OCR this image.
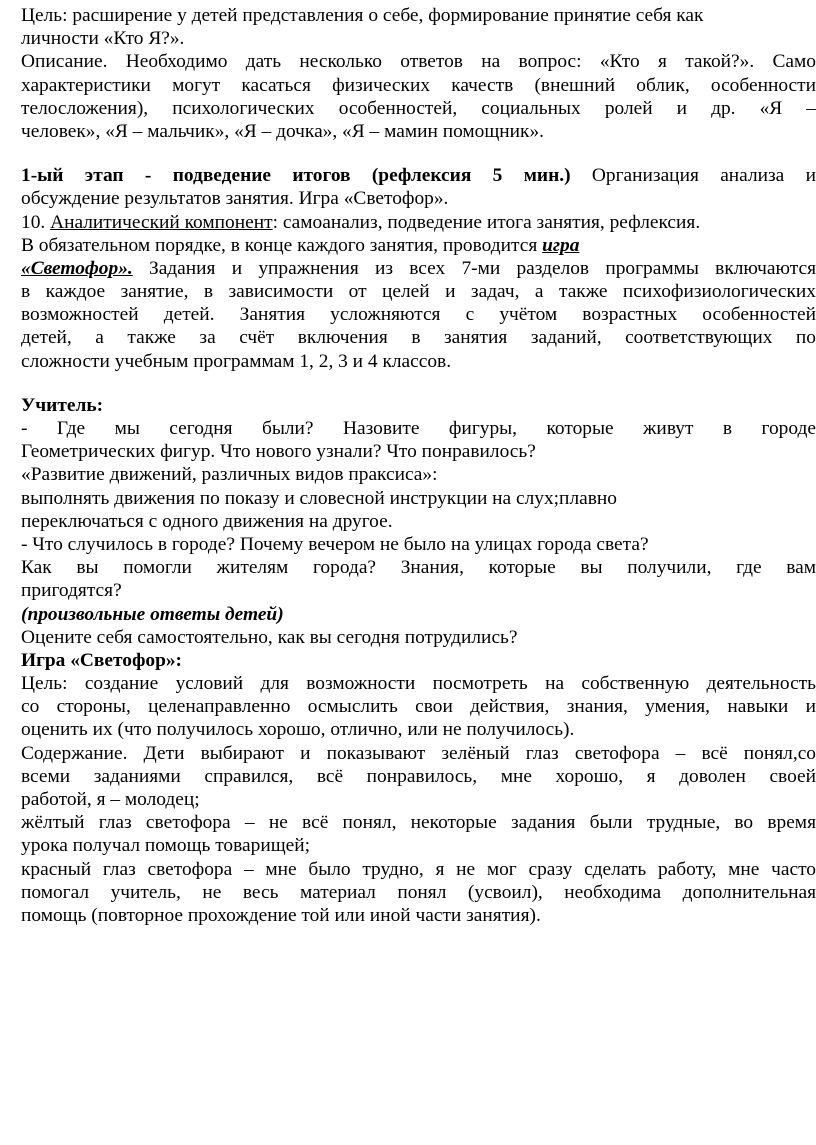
Цель: расширение у детей представления о себе, формирование принятие себя как
личности «Кто Я?».
Описание. Необходимо дать несколько ответов на вопрос: «Кто я такой?». Само
характеристики могут касаться физических качеств (внешний облик, особенности
телосложения), психологических особенностей, социальных ролей и др. «Я –
человек», «Я – мальчик», «Я – дочка», «Я – мамин помощник».
1-ый этап - подведение итогов (рефлексия 5 мин.) Организация анализа и
обсуждение результатов занятия. Игра «Светофор».
10. Аналитический компонент: самоанализ, подведение итога занятия, рефлексия.
В обязательном порядке, в конце каждого занятия, проводится игра
«Светофор». Задания и упражнения из всех 7-ми разделов программы включаются
в каждое занятие, в зависимости от целей и задач, а также психофизиологических
возможностей детей. Занятия усложняются с учётом возрастных особенностей
детей, а также за счёт включения в занятия заданий, соответствующих по
сложности учебным программам 1, 2, 3 и 4 классов.
Учитель:
- Где мы сегодня были? Назовите фигуры, которые живут в городе
Геометрических фигур. Что нового узнали? Что понравилось?
«Развитие движений, различных видов праксиса»:
выполнять движения по показу и словесной инструкции на слух;плавно
переключаться с одного движения на другое.
- Что случилось в городе? Почему вечером не было на улицах города света?
Как вы помогли жителям города? Знания, которые вы получили, где вам
пригодятся?
(произвольные ответы детей)
Оцените себя самостоятельно, как вы сегодня потрудились?
Игра «Светофор»:
Цель: создание условий для возможности посмотреть на собственную деятельность
со стороны, целенаправленно осмыслить свои действия, знания, умения, навыки и
оценить их (что получилось хорошо, отлично, или не получилось).
Содержание. Дети выбирают и показывают зелёный глаз светофора – всё понял,со
всеми заданиями справился, всё понравилось, мне хорошо, я доволен своей
работой, я – молодец;
жёлтый глаз светофора – не всё понял, некоторые задания были трудные, во время
урока получал помощь товарищей;
красный глаз светофора – мне было трудно, я не мог сразу сделать работу, мне часто
помогал учитель, не весь материал понял (усвоил), необходима дополнительная
помощь (повторное прохождение той или иной части занятия).
